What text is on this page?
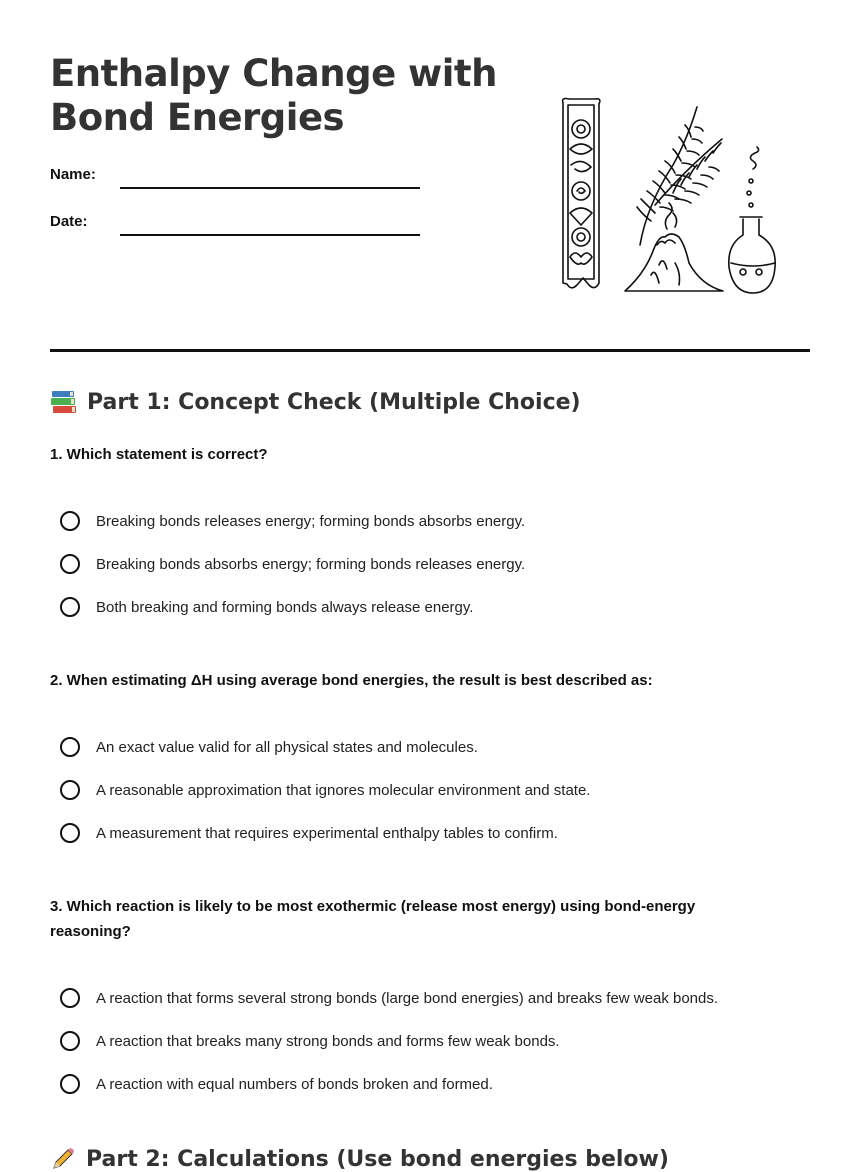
Enthalpy Change with Bond Energies
Name:
Date:
Part 1: Concept Check (Multiple Choice)
1. Which statement is correct?
Breaking bonds releases energy; forming bonds absorbs energy.
Breaking bonds absorbs energy; forming bonds releases energy.
Both breaking and forming bonds always release energy.
2. When estimating ΔH using average bond energies, the result is best described as:
An exact value valid for all physical states and molecules.
A reasonable approximation that ignores molecular environment and state.
A measurement that requires experimental enthalpy tables to confirm.
3. Which reaction is likely to be most exothermic (release most energy) using bond-energy reasoning?
A reaction that forms several strong bonds (large bond energies) and breaks few weak bonds.
A reaction that breaks many strong bonds and forms few weak bonds.
A reaction with equal numbers of bonds broken and formed.
Part 2: Calculations (Use bond energies below)
